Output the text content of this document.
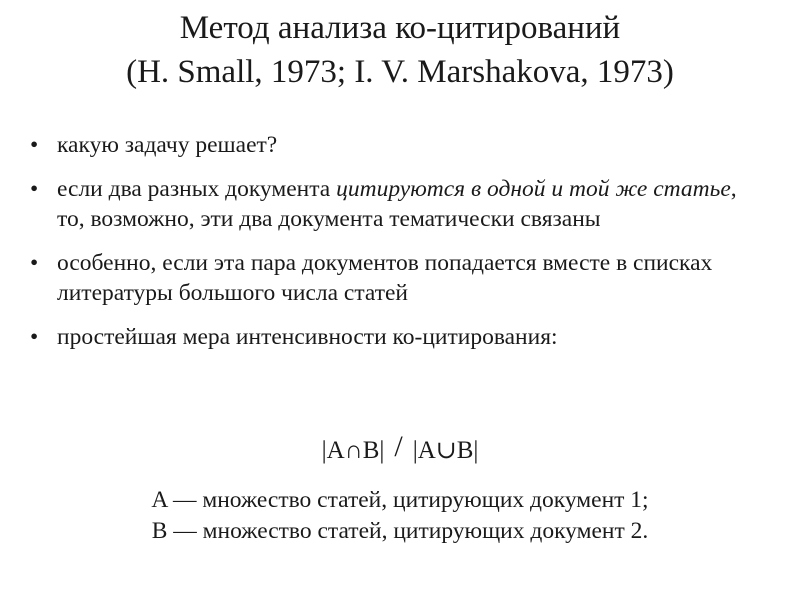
Метод анализа ко-цитирований
(H. Small, 1973; I. V. Marshakova, 1973)
• какую задачу решает?
• если два разных документа цитируются в одной и той же статье, то, возможно, эти два документа тематически связаны
• особенно, если эта пара документов попадается вместе в списках литературы большого числа статей
• простейшая мера интенсивности ко-цитирования:
|A∩B| / |A∪B|
A — множество статей, цитирующих документ 1;
B — множество статей, цитирующих документ 2.
